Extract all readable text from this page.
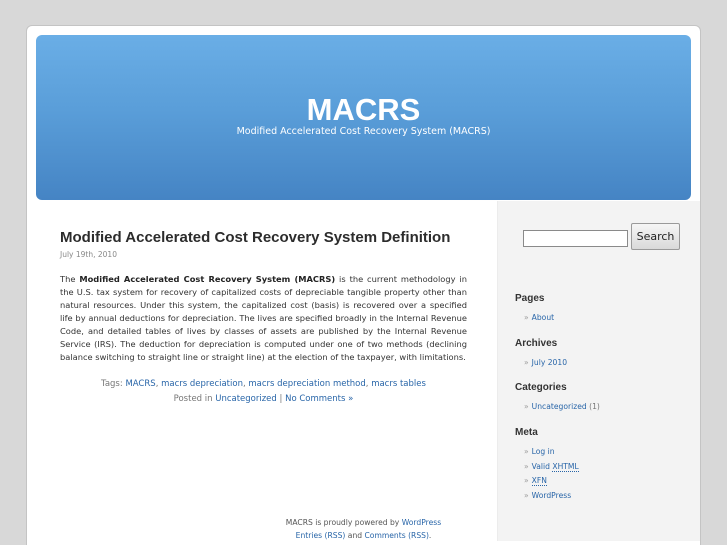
MACRS
Modified Accelerated Cost Recovery System (MACRS)
Modified Accelerated Cost Recovery System Definition
July 19th, 2010
The Modified Accelerated Cost Recovery System (MACRS) is the current methodology in the U.S. tax system for recovery of capitalized costs of depreciable tangible property other than natural resources. Under this system, the capitalized cost (basis) is recovered over a specified life by annual deductions for depreciation. The lives are specified broadly in the Internal Revenue Code, and detailed tables of lives by classes of assets are published by the Internal Revenue Service (IRS). The deduction for depreciation is computed under one of two methods (declining balance switching to straight line or straight line) at the election of the taxpayer, with limitations.
Tags: MACRS, macrs depreciation, macrs depreciation method, macrs tables
Posted in Uncategorized | No Comments »
Search
Pages
» About
Archives
» July 2010
Categories
» Uncategorized (1)
Meta
» Log in
» Valid XHTML
» XFN
» WordPress
MACRS is proudly powered by WordPress
Entries (RSS) and Comments (RSS).
